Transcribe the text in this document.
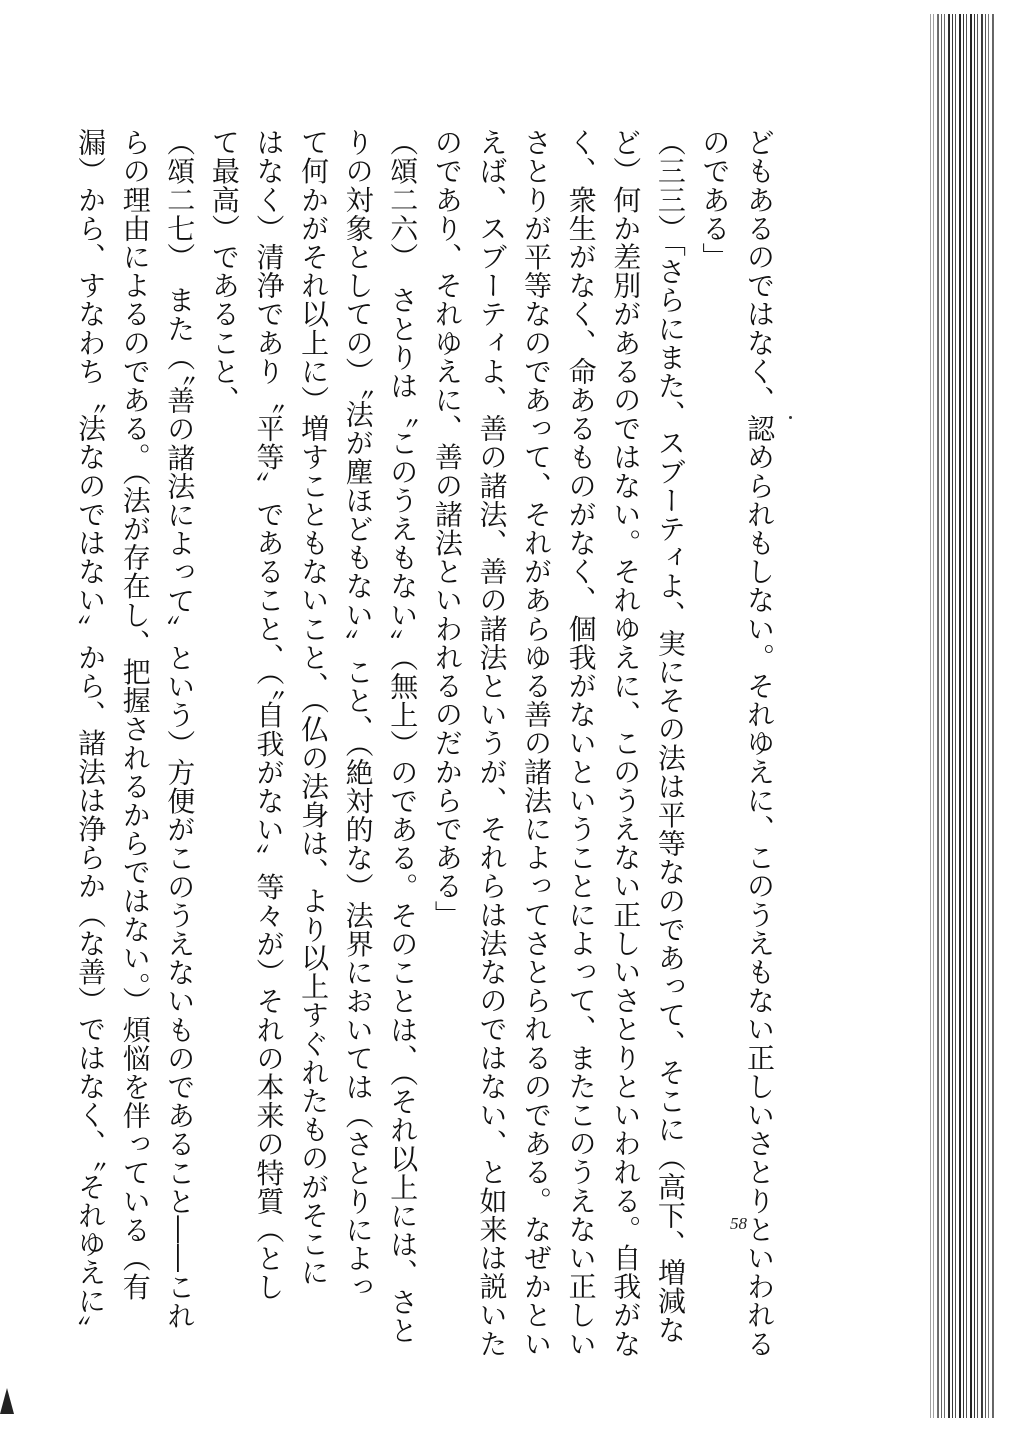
どもあるのではなく、認められもしない。それゆえに、このうえもない正しいさとりといわれる
のである」
（三三）「さらにまた、スブーティよ、実にその法は平等なのであって、そこに（高下、増減な
ど）何か差別があるのではない。それゆえに、このうえない正しいさとりといわれる。自我がな
く、衆生がなく、命あるものがなく、個我がないということによって、またこのうえない正しい
さとりが平等なのであって、それがあらゆる善の諸法によってさとられるのである。なぜかとい
えば、スブーティよ、善の諸法、善の諸法というが、それらは法なのではない、と如来は説いた
のであり、それゆえに、善の諸法といわれるのだからである」
（頌二六）　さとりは〝このうえもない〟（無上）のである。そのことは、（それ以上には、さと
りの対象としての）〝法が塵ほどもない〟こと、（絶対的な）法界においては（さとりによっ
て何かがそれ以上に）増すこともないこと、（仏の法身は、より以上すぐれたものがそこに
はなく）清浄であり〝平等〟であること、（〝自我がない〟等々が）それの本来の特質（とし
て最高）であること、
（頌二七）　また（〝善の諸法によって〟という）方便がこのうえないものであること――これ
らの理由によるのである。（法が存在し、把握されるからではない。）煩悩を伴っている（有
漏）から、すなわち〝法なのではない〟から、諸法は浄らか（な善）ではなく、〝それゆえに〟	58
